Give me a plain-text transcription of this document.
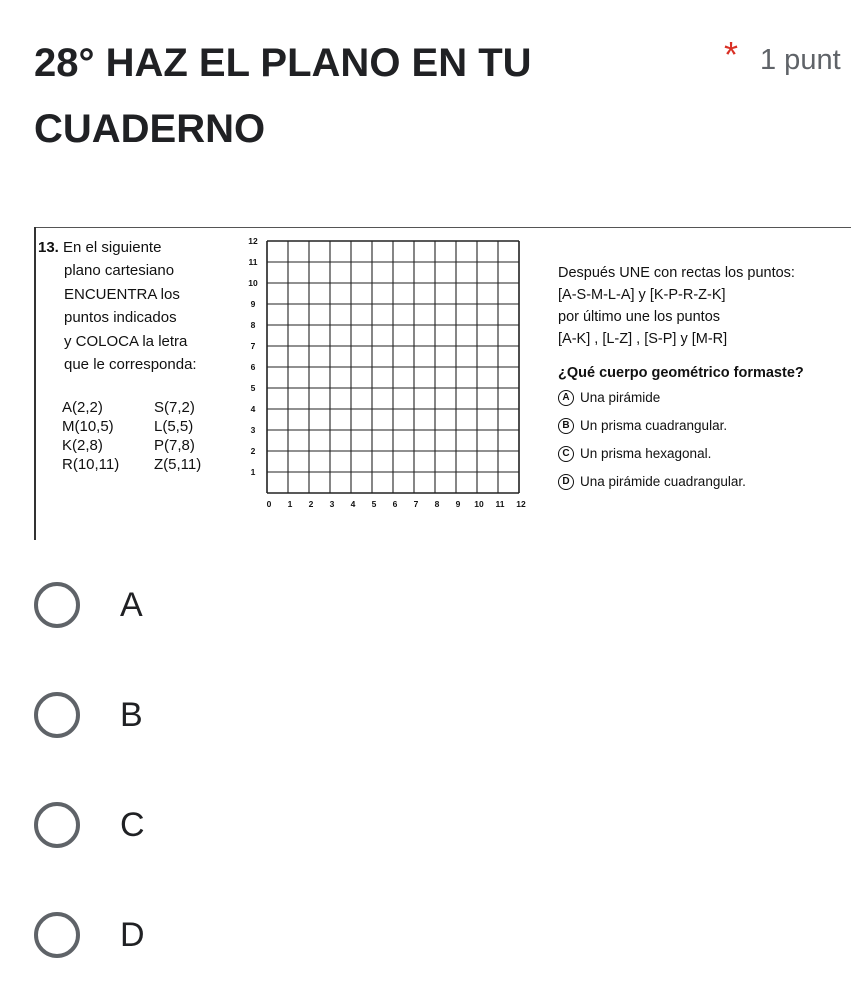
28° HAZ EL PLANO EN TU CUADERNO
* 1 punt
13. En el siguiente
plano cartesiano
ENCUENTRA los
puntos indicados
y COLOCA la letra
que le corresponda:
A(2,2)	S(7,2)
M(10,5)	L(5,5)
K(2,8)	P(7,8)
R(10,11)	Z(5,11)
0 1 2 3 4 5 6 7 8 9 10 11 12
1
2
3
4
5
6
7
8
9
10
11
12
Después UNE con rectas los puntos:
[A-S-M-L-A] y [K-P-R-Z-K]
por último une los puntos
[A-K] , [L-Z] , [S-P] y [M-R]
¿Qué cuerpo geométrico formaste?
A Una pirámide
B Un prisma cuadrangular.
C Un prisma hexagonal.
D Una pirámide cuadrangular.
A
B
C
D
